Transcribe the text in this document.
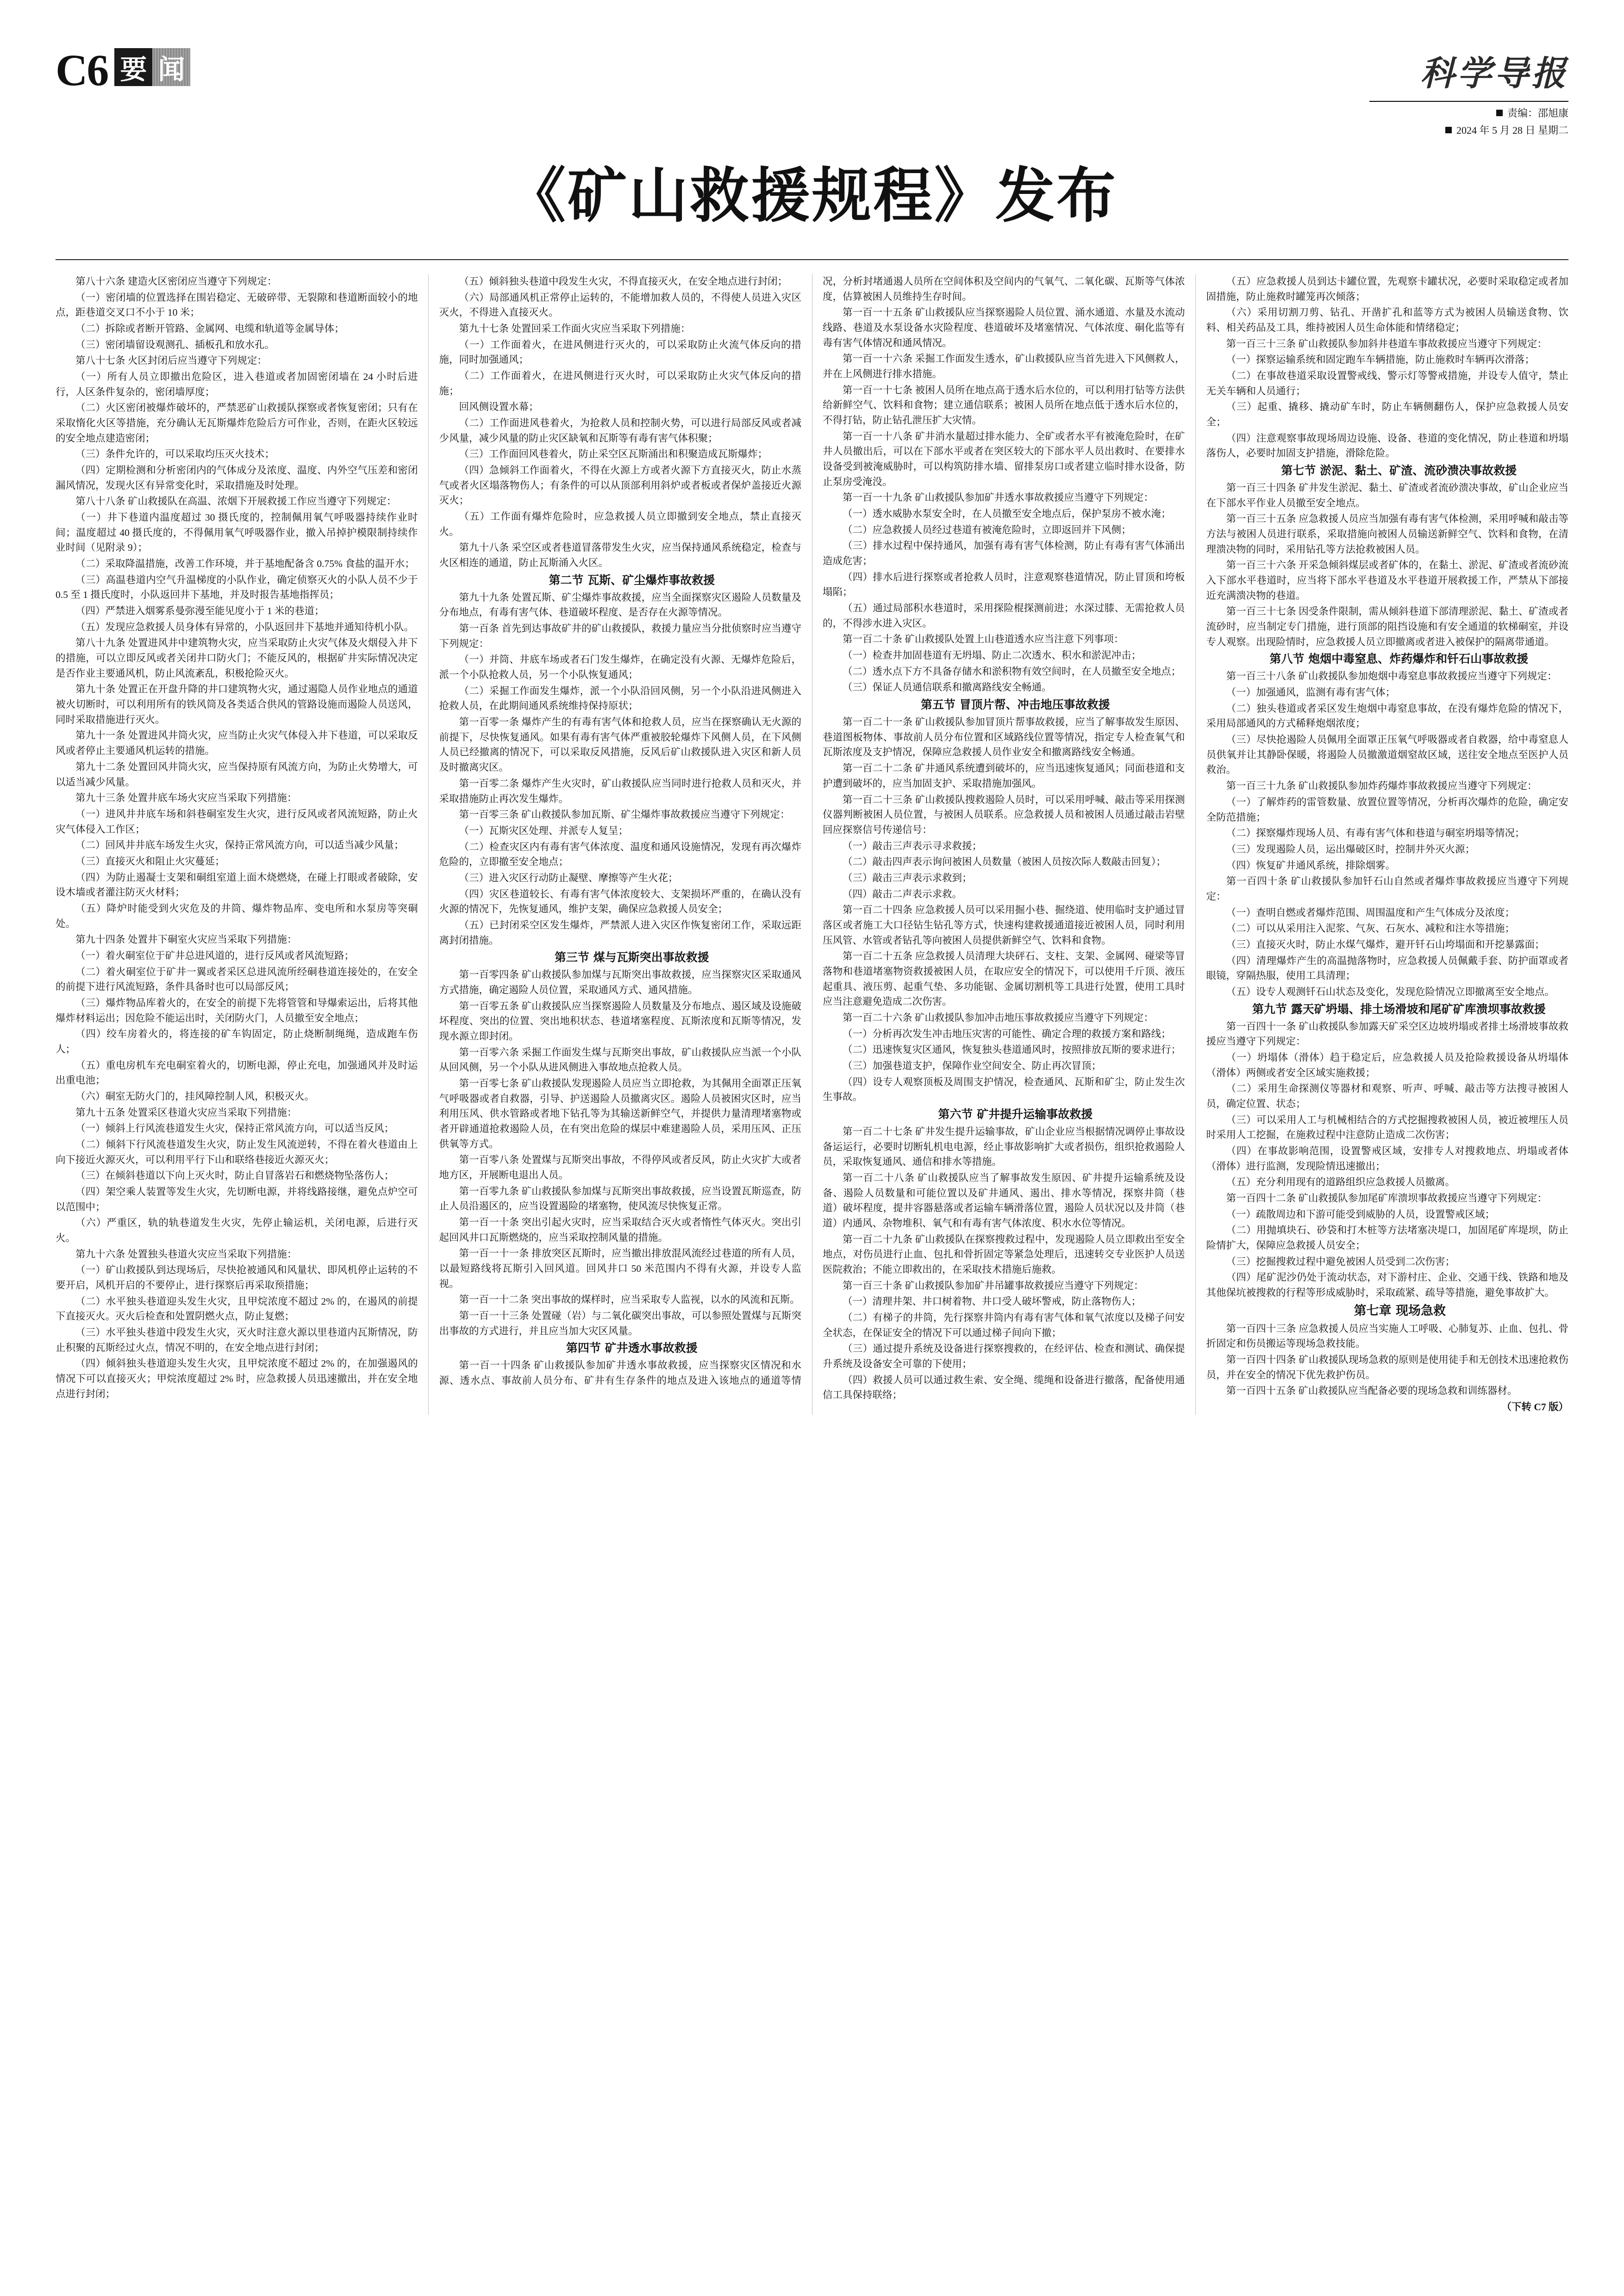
C6 要 闻	科学导报
责编：邵旭康
2024 年 5 月 28 日 星期二
《矿山救援规程》发布

第八十六条 建造火区密闭应当遵守下列规定：

（一）密闭墙的位置选择在围岩稳定、无破碎带、无裂隙和巷道断面较小的地点，距巷道交叉口不小于 10 米；

（二）拆除或者断开管路、金属网、电缆和轨道等金属导体；

（三）密闭墙留设观测孔、插板孔和放水孔。

第八十七条 火区封闭后应当遵守下列规定：

（一）所有人员立即撤出危险区，进入巷道或者加固密闭墙在 24 小时后进行，人区条件复杂的，密闭墙厚度；

（二）火区密闭被爆炸破坏的，严禁恶矿山救援队探察或者恢复密闭；只有在采取惰化火区等措施，充分确认无瓦斯爆炸危险后方可作业，否则，在距火区较远的安全地点建造密闭；

（三）条件允许的，可以采取均压灭火技术；

（四）定期检测和分析密闭内的气体成分及浓度、温度、内外空气压差和密闭漏风情况，发现火区有异常变化时，采取措施及时处理。

第八十八条 矿山救援队在高温、浓烟下开展救援工作应当遵守下列规定：

（一）井下巷道内温度超过 30 摄氏度的，控制佩用氧气呼吸器持续作业时间；温度超过 40 摄氏度的，不得佩用氧气呼吸器作业，撤入吊掉护模限制持续作业时间（见附录 9）；

（二）采取降温措施，改善工作环境，并于基地配备含 0.75% 食盐的温开水；

（三）高温巷道内空气升温梯度的小队作业，确定侦察灭火的小队人员不少于 0.5 至 1 摄氏度时，小队返回井下基地，并及时报告基地指挥员；

（四）严禁进入烟雾系曼弥漫至能见度小于 1 米的巷道；

（五）发现应急救援人员身体有异常的，小队返回井下基地并通知待机小队。

第八十九条 处置进风井中建筑物火灾，应当采取防止火灾气体及火烟侵入井下的措施，可以立即反风或者关闭井口防火门；不能反风的，根据矿井实际情况决定是否作业主要通风机，防止风流紊乱，积极抢险灭火。

第九十条 处置正在开盘升降的井口建筑物火灾，通过遏隐人员作业地点的通道被火切断时，可以利用所有的铁风筒及各类适合供风的管路设施而遏险人员送风，同时采取措施进行灭火。

第九十一条 处置进风井筒火灾，应当防止火灾气体侵入井下巷道，可以采取反风或者停止主要通风机运转的措施。

第九十二条 处置回风井筒火灾，应当保持原有风流方向，为防止火势增大，可以适当减少风量。

第九十三条 处置井底车场火灾应当采取下列措施：

（一）进风井井底车场和斜巷硐室发生火灾，进行反风或者风流短路，防止火灾气体侵入工作区；

（二）回风井井底车场发生火灾，保持正常风流方向，可以适当减少风量；

（三）直接灭火和阻止火灾蔓延；

（四）为防止遏凝士支架和硐组室道上面木烧燃烧，在碰上打眼或者破除，安设木墙或者灌注防灭火材料；

（五）降炉时能受到火灾危及的井筒、爆炸物品库、变电所和水泵房等突硐处。

第九十四条 处置井下硐室火灾应当采取下列措施：

（一）着火硐室位于矿井总进风道的，进行反风或者风流短路；

（二）着火硐室位于矿井一翼或者采区总进风流所经硐巷道连接处的，在安全的前提下进行风流短路，条件具备时也可以局部反风；

（三）爆炸物品库着火的，在安全的前提下先将管管和导爆索运出，后将其他爆炸材料运出；因危险不能运出时，关闭防火门，人员撤至安全地点；

（四）绞车房着火的，将连接的矿车钩固定，防止烧断制绳绳，造成跑车伤人；

（五）重电房机车充电硐室着火的，切断电源，停止充电，加强通风并及时运出重电池；

（六）硐室无防火门的，挂风障控制人风，积极灭火。

第九十五条 处置采区巷道火灾应当采取下列措施：

（一）倾斜上行风流巷道发生火灾，保持正常风流方向，可以适当反风；

（二）倾斜下行风流巷道发生火灾，防止发生风流逆转，不得在着火巷道由上向下接近火源灭火，可以利用平行下山和联络巷接近火源灭火；

（三）在倾斜巷道以下向上灭火时，防止自冒落岩石和燃烧物坠落伤人；

（四）架空乘人装置等发生火灾，先切断电源，并将线路接继，避免点炉空可以范围中；

（六）严重区，轨的轨巷道发生火灾，先停止输运机，关闭电源，后进行灭火。

第九十六条 处置独头巷道火灾应当采取下列措施：

（一）矿山救援队到达现场后，尽快抢被通风和风量状、即风机停止运转的不要开启，风机开启的不要停止，进行探察后再采取预措施；

（二）水平独头巷道迎头发生火灾，且甲烷浓度不超过 2% 的，在遏风的前提下直接灭火。灭火后检查和处置阴燃火点，防止复燃；

（三）水平独头巷道中段发生火灾，灭火时注意火源以里巷道内瓦斯情况，防止积聚的瓦斯经过火点，情况不明的，在安全地点进行封闭；

（四）倾斜独头巷道迎头发生火灾，且甲烷浓度不超过 2% 的，在加强遏风的情况下可以直接灭火；甲烷浓度超过 2% 时，应急救援人员迅速撤出，并在安全地点进行封闭；

（五）倾斜独头巷道中段发生火灾，不得直接灭火，在安全地点进行封闭；

（六）局部通风机正常停止运转的，不能增加救人员的，不得使人员进入灾区灭火，不得进入直接灭火。

第九十七条 处置回采工作面火灾应当采取下列措施：

（一）工作面着火，在进风侧进行灭火的，可以采取防止火流气体反向的措施，同时加强通风；

（二）工作面着火，在进风侧进行灭火时，可以采取防止火灾气体反向的措施；

回风侧设置水幕；

（二）工作面进风巷着火，为抢救人员和控制火势，可以进行局部反风或者减少风量，减少风量的防止灾区缺氧和瓦斯等有毒有害气体积聚；

（三）工作面回风巷着火，防止采空区瓦斯涌出和积聚造成瓦斯爆炸；

（四）急倾斜工作面着火，不得在火源上方或者火源下方直接灭火，防止水蒸气或者火区塌落物伤人；有条件的可以从顶部利用斜炉或者板或者保炉盖接近火源灭火；

（五）工作面有爆炸危险时，应急救援人员立即撤到安全地点，禁止直接灭火。

第九十八条 采空区或者巷道冒落带发生火灾，应当保持通风系统稳定，检查与火区相连的通道，防止瓦斯涌入火区。

第二节 瓦斯、矿尘爆炸事故救援

第九十九条 处置瓦斯、矿尘爆炸事故救援，应当全面探察灾区遏险人员数量及分布地点，有毒有害气体、巷道破坏程度、是否存在火源等情况。

第一百条 首先到达事故矿井的矿山救援队，救援力量应当分批侦察时应当遵守下列规定：

（一）并筒、井底车场或者石门发生爆炸，在确定没有火源、无爆炸危险后，派一个小队抢救人员，另一个小队恢复通风；

（二）采掘工作面发生爆炸，派一个小队沿回风侧，另一个小队沿进风侧进入抢救人员，在此期间通风系统维持保持原状；

第一百零一条 爆炸产生的有毒有害气体和抢救人员，应当在探察确认无火源的前提下，尽快恢复通风。如果有毒有害气体严重被胶轮爆炸下风侧人员，在下风侧人员已经撤离的情况下，可以采取反风措施，反风后矿山救援队进入灾区和新人员及时撤离灾区。

第一百零二条 爆炸产生火灾时，矿山救援队应当同时进行抢救人员和灭火，并采取措施防止再次发生爆炸。

第一百零三条 矿山救援队参加瓦斯、矿尘爆炸事故救援应当遵守下列规定：

（一）瓦斯灾区处理、并派专人复呈；

（二）检查灾区内有毒有害气体浓度、温度和通风设施情况，发现有再次爆炸危险的，立即撤至安全地点；

（三）进入灾区行动防止凝壁、摩擦等产生火花；

（四）灾区巷道较长、有毒有害气体浓度较大、支架损坏严重的，在确认没有火源的情况下，先恢复通风，维护支架，确保应急救援人员安全；

（五）已封闭采空区发生爆炸，严禁派人进入灾区作恢复密闭工作，采取远距离封闭措施。

第三节 煤与瓦斯突出事故救援

第一百零四条 矿山救援队参加煤与瓦斯突出事故救援，应当探察灾区采取通风方式措施，确定遏险人员位置，采取通风方式、通风措施。

第一百零五条 矿山救援队应当探察遏险人员数量及分布地点、遏区域及设施破坏程度、突出的位置、突出地积状态、巷道堵塞程度、瓦斯浓度和瓦斯等情况，发现水源立即封闭。

第一百零六条 采掘工作面发生煤与瓦斯突出事故，矿山救援队应当派一个小队从回风侧，另一个小队从进风侧进入事故地点抢救人员。

第一百零七条 矿山救援队发现遏险人员应当立即抢救，为其佩用全面罩正压氧气呼吸器或者自救器，引导、护送遏险人员撤离灾区。遏险人员被困灾区时，应当利用压风、供水管路或者地下钻孔等为其输送新鲜空气，并提供力量清理堵塞物或者开辟通道抢救遏险人员，在有突出危险的煤层中难建遏险人员，采用压风、正压供氧等方式。

第一百零八条 处置煤与瓦斯突出事故，不得停风或者反风，防止火灾扩大或者地方区，开展断电退出人员。

第一百零九条 矿山救援队参加煤与瓦斯突出事故救援，应当设置瓦斯巡查，防止人员沿遏区的，应当设置遏险的堵塞物，使风流尽快恢复正常。

第一百一十条 突出引起火灾时，应当采取结合灭火或者惰性气体灭火。突出引起回风井口瓦斯燃烧的，应当采取控制风量的措施。

第一百一十一条 排放突区瓦斯时，应当撤出排放混风流经过巷道的所有人员，以最短路线将瓦斯引入回风道。回风井口 50 米范围内不得有火源，并设专人监视。

第一百一十二条 突出事故的煤样时，应当采取专人监视，以水的风流和瓦斯。

第一百一十三条 处置碰（岩）与二氧化碳突出事故，可以参照处置煤与瓦斯突出事故的方式进行，并且应当加大灾区风量。

第四节 矿井透水事故救援

第一百一十四条 矿山救援队参加矿井透水事故救援，应当探察灾区情况和水源、透水点、事故前人员分布、矿井有生存条件的地点及进入该地点的通道等情况，分析封堵通遏人员所在空间体积及空间内的气氧气、二氧化碳、瓦斯等气体浓度，估算被困人员维持生存时间。

第一百一十五条 矿山救援队应当探察遏险人员位置、涌水通道、水量及水流动线路、巷道及水泵设备水灾险程度、巷道破坏及堵塞情况、气体浓度、硐化监等有毒有害气体情况和通风情况。

第一百一十六条 采掘工作面发生透水，矿山救援队应当首先进入下风侧救人，并在上风侧进行排水措施。

第一百一十七条 被困人员所在地点高于透水后水位的，可以利用打钻等方法供给新鲜空气、饮料和食物；建立通信联系；被困人员所在地点低于透水后水位的，不得打钻，防止钻孔泄压扩大灾情。

第一百一十八条 矿井消水量超过排水能力、全矿或者水平有被淹危险时，在矿井人员撤出后，可以在下部水平或者在突区较大的下部水平人员出救时、在要排水设备受到被淹威胁时，可以构筑防排水墙、留排泵房口或者建立临时排水设备，防止泵房受淹没。

第一百一十九条 矿山救援队参加矿井透水事故救援应当遵守下列规定：

（一）透水威胁水泵安全时，在人员撤至安全地点后，保护泵房不被水淹；

（二）应急救援人员经过巷道有被淹危险时，立即返回并下风侧；

（三）排水过程中保持通风，加强有毒有害气体检测，防止有毒有害气体涌出造成危害；

（四）排水后进行探察或者抢救人员时，注意观察巷道情况，防止冒顶和垮板塌陷；

（五）通过局部积水巷道时，采用探险棍探测前进；水深过膝、无需抢救人员的，不得涉水进入灾区。

第一百二十条 矿山救援队处置上山巷道透水应当注意下列事项：

（一）检查井加固巷道有无坍塌、防止二次透水、积水和淤泥冲击；

（二）透水点下方不具备存储水和淤积物有效空间时，在人员撤至安全地点；

（三）保证人员通信联系和撤离路线安全畅通。

第五节 冒顶片帮、冲击地压事故救援

第一百二十一条 矿山救援队参加冒顶片帮事故救援，应当了解事故发生原因、巷道图板物体、事故前人员分布位置和区域路线位置等情况，指定专人检查氧气和瓦斯浓度及支护情况，保障应急救援人员作业安全和撤离路线安全畅通。

第一百二十二条 矿井通风系统遭到破坏的，应当迅速恢复通风；同面巷道和支护遭到破坏的，应当加固支护、采取措施加强风。

第一百二十三条 矿山救援队搜救遏险人员时，可以采用呼喊、敲击等采用探测仪器判断被困人员位置，与被困人员联系。应急救援人员和被困人员通过敲击岩壁回应探察信号传递信号：

（一）敲击三声表示寻求救援；

（二）敲击四声表示询问被困人员数量（被困人员按次际人数敲击回复）；

（三）敲击三声表示求救到；

（四）敲击二声表示求救。

第一百二十四条 应急救援人员可以采用掘小巷、掘绕道、使用临时支护通过冒落区或者施工大口径钻生钻孔等方式，快速构建救援通道接近被困人员，同时利用压风管、水管或者钻孔等向被困人员提供新鲜空气、饮料和食物。

第一百二十五条 应急救援人员清理大块砰石、支柱、支架、金属网、碰梁等冒落物和巷道堵塞物资救援被困人员，在取应安全的情况下，可以使用千斤顶、液压起重具、液压剪、起重气垫、多功能锯、金属切割机等工具进行处置，使用工具时应当注意避免造成二次伤害。

第一百二十六条 矿山救援队参加冲击地压事故救援应当遵守下列规定：

（一）分析再次发生冲击地压灾害的可能性、确定合理的救援方案和路线；

（二）迅速恢复灾区通风，恢复独头巷道通风时，按照排放瓦斯的要求进行；

（三）加强巷道支护，保障作业空间安全、防止再次冒顶；

（四）设专人观察顶板及周围支护情况，检查通风、瓦斯和矿尘，防止发生次生事故。

第六节 矿井提升运输事故救援

第一百二十七条 矿井发生提升运输事故，矿山企业应当根据情况调停止事故设备运运行，必要时切断轧机电电源，经止事故影响扩大或者损伤，组织抢救遏险人员，采取恢复通风、通信和排水等措施。

第一百二十八条 矿山救援队应当了解事故发生原因、矿井提升运输系统及设备、遏险人员数量和可能位置以及矿井通风、遏出、排水等情况，探察井筒（巷道）破坏程度，提井容器悬落或者运输车辆滑落位置，遏险人员状况以及井筒（巷道）内通风、杂物堆积、氧气和有毒有害气体浓度、积水水位等情况。

第一百二十九条 矿山救援队在探察搜救过程中，发现遏险人员立即救出至安全地点，对伤员进行止血、包扎和骨折固定等紧急处理后，迅速转交专业医护人员送医院救治；不能立即救出的，在采取技术措施后施救。

第一百三十条 矿山救援队参加矿井吊罐事故救援应当遵守下列规定：

（一）清理井架、井口树着物、井口受人破坏警戒，防止落物伤人；

（二）有梯子的井筒，先行探察井筒内有毒有害气体和氧气浓度以及梯子问安全状态，在保证安全的情况下可以通过梯子间向下撤；

（三）通过提升系统及设备进行探察搜救的，在经评估、检查和测试、确保提升系统及设备安全可靠的下使用；

（四）救援人员可以通过救生索、安全绳、缆绳和设备进行撤落，配备使用通信工具保持联络；

（五）应急救援人员到达卡罐位置，先观察卡罐状况，必要时采取稳定或者加固措施，防止施救时罐笼再次倾落；

（六）采用切割刀剪、钻孔、开凿扩孔和蓝等方式为被困人员输送食物、饮料、相关药品及工具，维持被困人员生命体能和情绪稳定；

第一百三十三条 矿山救援队参加斜井巷道车事故救援应当遵守下列规定：

（一）探察运输系统和固定跑车车辆措施，防止施救时车辆再次滑落；

（二）在事故巷道采取设置警戒线、警示灯等警戒措施，并设专人值守，禁止无关车辆和人员通行；

（三）起重、撬移、撬动矿车时，防止车辆侧翻伤人，保护应急救援人员安全；

（四）注意观察事故现场周边设施、设备、巷道的变化情况，防止巷道和坍塌落伤人，必要时加固支护措施，滑除危险。

第七节 淤泥、黏土、矿渣、流砂溃决事故救援

第一百三十四条 矿井发生淤泥、黏土、矿渣或者流砂溃决事故，矿山企业应当在下部水平作业人员撤至安全地点。

第一百三十五条 应急救援人员应当加强有毒有害气体检测，采用呼喊和敲击等方法与被困人员进行联系，采取措施向被困人员输送新鲜空气、饮料和食物，在清理溃决物的同时，采用钻孔等方法抢救被困人员。

第一百三十六条 开采急倾斜煤层或者矿体的，在黏土、淤泥、矿渣或者流砂流入下部水平巷道时，应当将下部水平巷道及水平巷道开展救援工作，严禁从下部接近充满溃决物的巷道。

第一百三十七条 因受条件限制，需从倾斜巷道下部清理淤泥、黏土、矿渣或者流砂时，应当制定专门措施，进行顶部的阻挡设施和有安全通道的软梯硐室，并设专人观察。出现险情时，应急救援人员立即撤离或者进入被保护的隔离带通道。

第八节 炮烟中毒窒息、炸药爆炸和钎石山事故救援

第一百三十八条 矿山救援队参加炮烟中毒窒息事故救援应当遵守下列规定：

（一）加强通风，监测有毒有害气体；

（二）独头巷道或者采区发生炮烟中毒窒息事故，在没有爆炸危险的情况下，采用局部通风的方式稀释炮烟浓度；

（三）尽快抢遏险人员佩用全面罩正压氧气呼吸器或者自救器，给中毒窒息人员供氧并让其静卧保暖，将遏险人员撤激道烟窒故区域，送往安全地点至医护人员救治。

第一百三十九条 矿山救援队参加炸药爆炸事故救援应当遵守下列规定：

（一）了解炸药的雷管数量、放置位置等情况，分析再次爆炸的危险，确定安全防范措施；

（二）探察爆炸现场人员、有毒有害气体和巷道与硐室坍塌等情况；

（三）发现遏险人员，运出爆破区时，控制井外灭火源；

（四）恢复矿井通风系统，排除烟雾。

第一百四十条 矿山救援队参加钎石山自然或者爆炸事故救援应当遵守下列规定：

（一）查明自燃或者爆炸范围、周围温度和产生气体成分及浓度；

（二）可以从采用注入泥浆、气灰、石灰水、减粒和注水等措施；

（三）直接灭火时，防止水煤气爆炸，避开钎石山垮塌面和开挖暴露面；

（四）清理爆炸产生的高温抛落物时，应急救援人员佩戴手套、防护面罩或者眼镜，穿隔热服，使用工具清理；

（五）设专人观测钎石山状态及变化，发现危险情况立即撤离至安全地点。

第九节 露天矿坍塌、排土场滑坡和尾矿矿库溃坝事故救援

第一百四十一条 矿山救援队参加露天矿采空区边坡坍塌或者排土场滑坡事故救援应当遵守下列规定：

（一）坍塌体（滑体）趋于稳定后，应急救援人员及抢险救援设备从坍塌体（滑体）两侧或者安全区域实施救援；

（二）采用生命探测仪等器材和观察、听声、呼喊、敲击等方法搜寻被困人员，确定位置、状态；

（三）可以采用人工与机械相结合的方式挖掘搜救被困人员，被近被埋压人员时采用人工挖掘，在施救过程中注意防止造成二次伤害；

（四）在事故影响范围，设置警戒区域，安排专人对搜救地点、坍塌或者体（滑体）进行监测，发现险情迅速撤出；

（五）充分利用现有的道路组织应急救援人员撤离。

第一百四十二条 矿山救援队参加尾矿库溃坝事故救援应当遵守下列规定：

（一）疏散周边和下游可能受到威胁的人员，设置警戒区域；

（二）用抛填块石、砂袋和打木桩等方法堵塞决堤口，加固尾矿库堤坝，防止险情扩大，保障应急救援人员安全；

（三）挖掘搜救过程中避免被困人员受到二次伤害；

（四）尾矿泥沙仍处于流动状态，对下游村庄、企业、交通干线、铁路和地及其他保坑被搜救的行程等形成威胁时，采取疏紧、疏导等措施，避免事故扩大。

第七章 现场急救

第一百四十三条 应急救援人员应当实施人工呼吸、心肺复苏、止血、包扎、骨折固定和伤员搬运等现场急救技能。

第一百四十四条 矿山救援队现场急救的原则是使用徒手和无创技术迅速抢救伤员，并在安全的情况下优先救护伤员。

第一百四十五条 矿山救援队应当配备必要的现场急救和训练器材。

（下转 C7 版）
